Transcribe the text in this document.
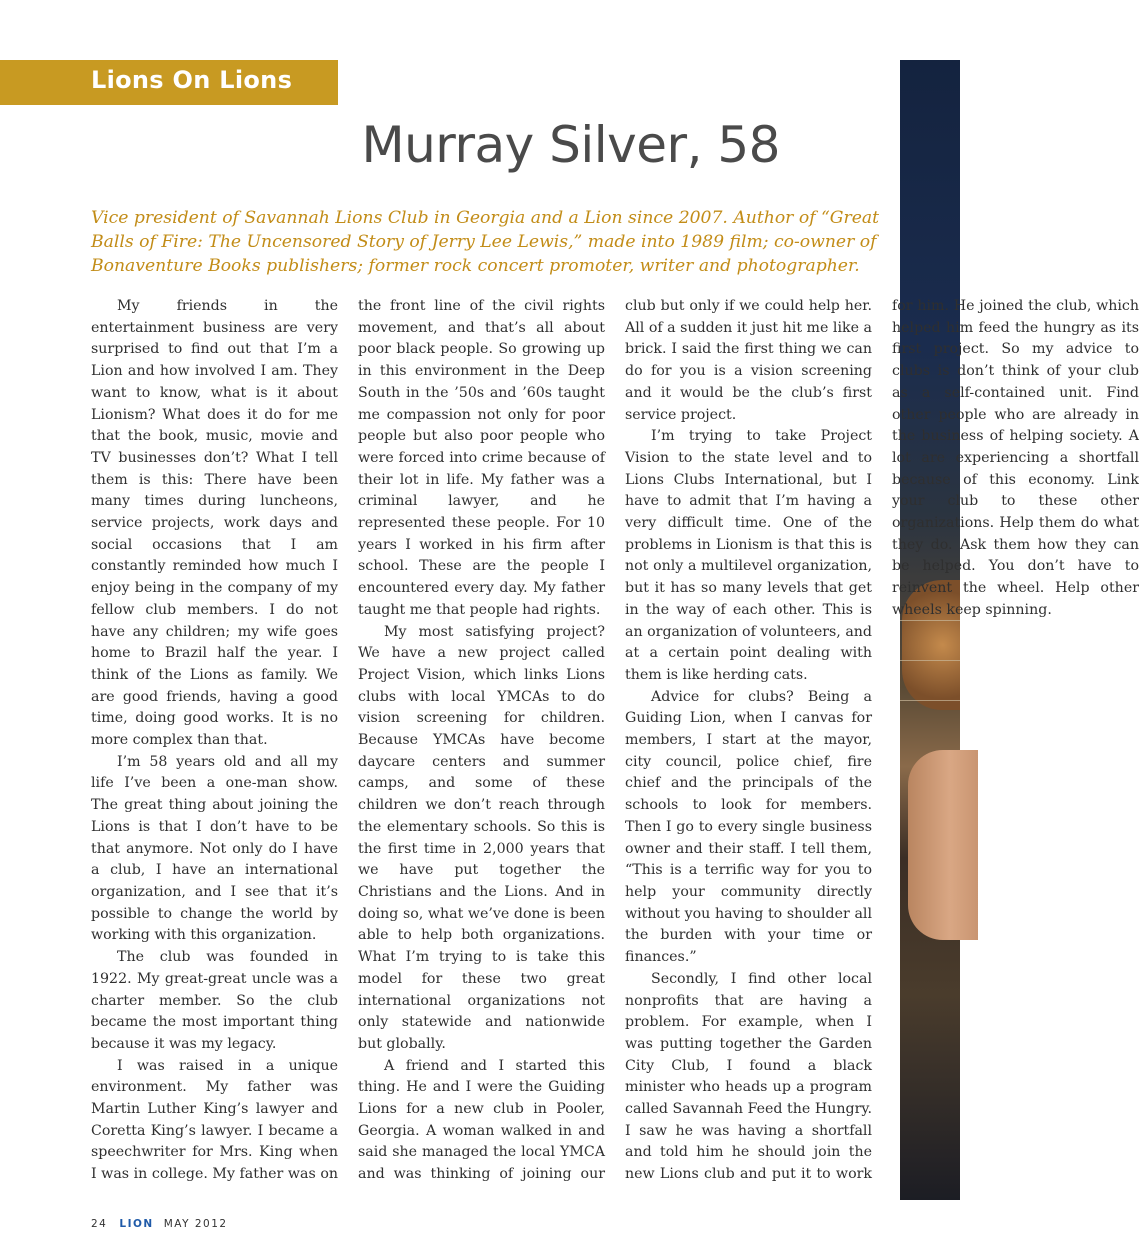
Lions On Lions
Murray Silver, 58

Vice president of Savannah Lions Club in Georgia and a Lion since 2007. Author of “Great Balls of Fire: The Uncensored Story of Jerry Lee Lewis,” made into 1989 film; co-owner of Bonaventure Books publishers; former rock concert promoter, writer and photographer.

My friends in the entertainment business are very surprised to find out that I’m a Lion and how involved I am. They want to know, what is it about Lionism? What does it do for me that the book, music, movie and TV businesses don’t? What I tell them is this: There have been many times during luncheons, service projects, work days and social occasions that I am constantly reminded how much I enjoy being in the company of my fellow club members. I do not have any children; my wife goes home to Brazil half the year. I think of the Lions as family. We are good friends, having a good time, doing good works. It is no more complex than that.

I’m 58 years old and all my life I’ve been a one-man show. The great thing about joining the Lions is that I don’t have to be that anymore. Not only do I have a club, I have an international organization, and I see that it’s possible to change the world by working with this organization.

The club was founded in 1922. My great-great uncle was a charter member. So the club became the most important thing because it was my legacy.

I was raised in a unique environment. My father was Martin Luther King’s lawyer and Coretta King’s lawyer. I became a speechwriter for Mrs. King when I was in college. My father was on the front line of the civil rights movement, and that’s all about poor black people. So growing up in this environment in the Deep South in the ’50s and ’60s taught me compassion not only for poor people but also poor people who were forced into crime because of their lot in life. My father was a criminal lawyer, and he represented these people. For 10 years I worked in his firm after school. These are the people I encountered every day. My father taught me that people had rights.

My most satisfying project? We have a new project called Project Vision, which links Lions clubs with local YMCAs to do vision screening for children. Because YMCAs have become daycare centers and summer camps, and some of these children we don’t reach through the elementary schools. So this is the first time in 2,000 years that we have put together the Christians and the Lions. And in doing so, what we’ve done is been able to help both organizations. What I’m trying to is take this model for these two great international organizations not only statewide and nationwide but globally.

A friend and I started this thing. He and I were the Guiding Lions for a new club in Pooler, Georgia. A woman walked in and said she managed the local YMCA and was thinking of joining our club but only if we could help her. All of a sudden it just hit me like a brick. I said the first thing we can do for you is a vision screening and it would be the club’s first service project.

I’m trying to take Project Vision to the state level and to Lions Clubs International, but I have to admit that I’m having a very difficult time. One of the problems in Lionism is that this is not only a multilevel organization, but it has so many levels that get in the way of each other. This is an organization of volunteers, and at a certain point dealing with them is like herding cats.

Advice for clubs? Being a Guiding Lion, when I canvas for members, I start at the mayor, city council, police chief, fire chief and the principals of the schools to look for members. Then I go to every single business owner and their staff. I tell them, “This is a terrific way for you to help your community directly without you having to shoulder all the burden with your time or finances.”

Secondly, I find other local nonprofits that are having a problem. For example, when I was putting together the Garden City Club, I found a black minister who heads up a program called Savannah Feed the Hungry. I saw he was having a shortfall and told him he should join the new Lions club and put it to work for him. He joined the club, which helped him feed the hungry as its first project. So my advice to clubs is don’t think of your club as a self-contained unit. Find other people who are already in the business of helping society. A lot are experiencing a shortfall because of this economy. Link your club to these other organizations. Help them do what they do. Ask them how they can be helped. You don’t have to reinvent the wheel. Help other wheels keep spinning.

24 LION MAY 2012
